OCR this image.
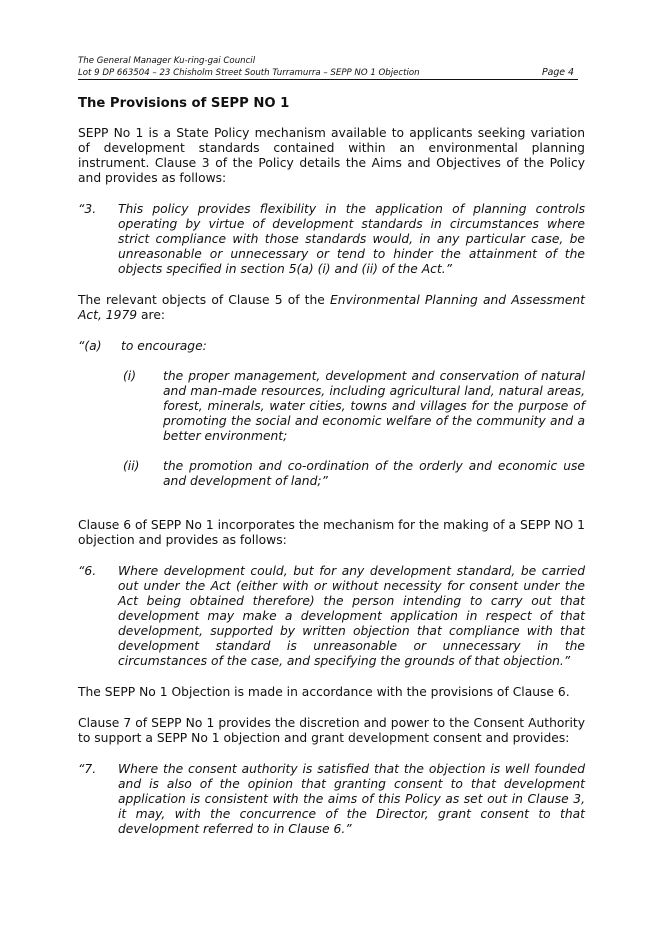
The General Manager Ku-ring-gai Council
Lot 9 DP 663504 – 23 Chisholm Street South Turramurra – SEPP NO 1 Objection	Page 4
The Provisions of SEPP NO 1

SEPP No 1 is a State Policy mechanism available to applicants seeking variation of development standards contained within an environmental planning instrument. Clause 3 of the Policy details the Aims and Objectives of the Policy and provides as follows:

“3.	This policy provides flexibility in the application of planning controls operating by virtue of development standards in circumstances where strict compliance with those standards would, in any particular case, be unreasonable or unnecessary or tend to hinder the attainment of the objects specified in section 5(a) (i) and (ii) of the Act.”

The relevant objects of Clause 5 of the Environmental Planning and Assessment Act, 1979 are:

“(a)	to encourage:
(i)	the proper management, development and conservation of natural and man-made resources, including agricultural land, natural areas, forest, minerals, water cities, towns and villages for the purpose of promoting the social and economic welfare of the community and a better environment;
(ii)	the promotion and co-ordination of the orderly and economic use and development of land;”

Clause 6 of SEPP No 1 incorporates the mechanism for the making of a SEPP NO 1 objection and provides as follows:

“6.	Where development could, but for any development standard, be carried out under the Act (either with or without necessity for consent under the Act being obtained therefore) the person intending to carry out that development may make a development application in respect of that development, supported by written objection that compliance with that development standard is unreasonable or unnecessary in the circumstances of the case, and specifying the grounds of that objection.”

The SEPP No 1 Objection is made in accordance with the provisions of Clause 6.

Clause 7 of SEPP No 1 provides the discretion and power to the Consent Authority to support a SEPP No 1 objection and grant development consent and provides:

“7.	Where the consent authority is satisfied that the objection is well founded and is also of the opinion that granting consent to that development application is consistent with the aims of this Policy as set out in Clause 3, it may, with the concurrence of the Director, grant consent to that development referred to in Clause 6.”
